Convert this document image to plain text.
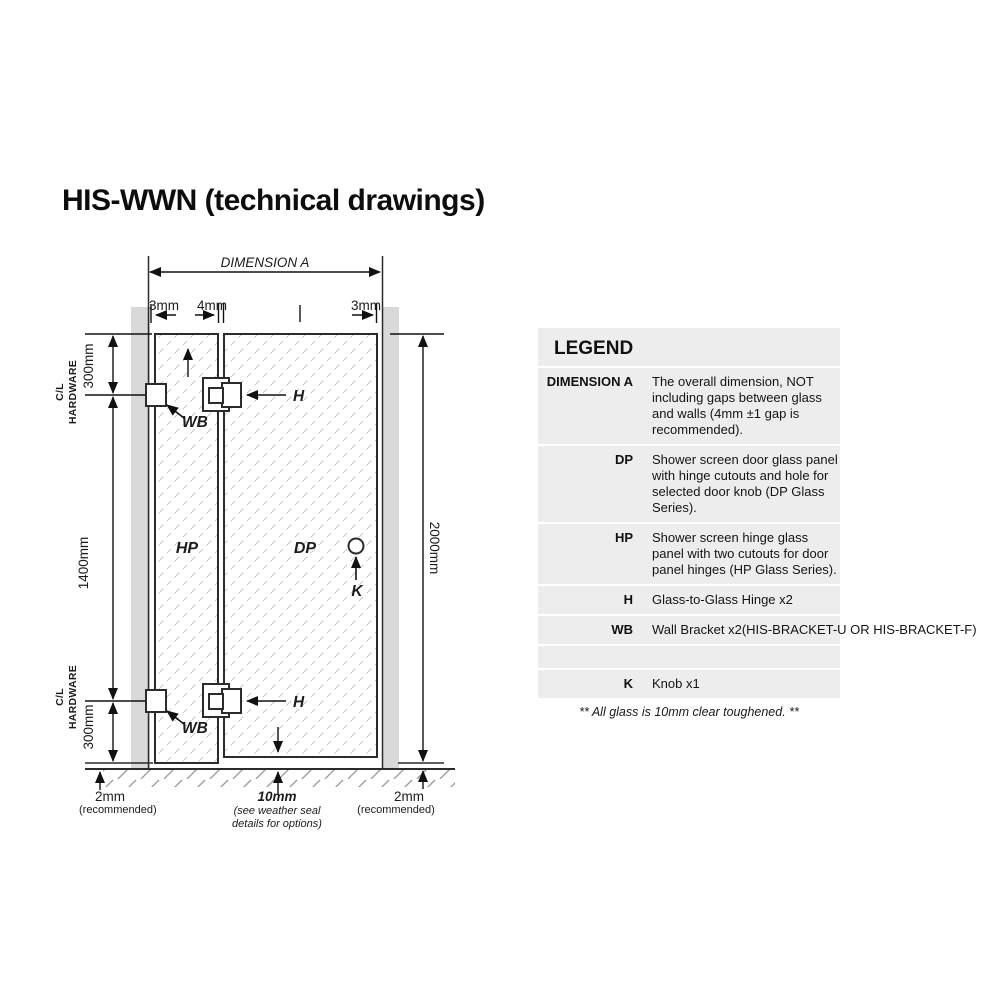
HIS-WWN (technical drawings)
DIMENSION A
3mm 4mm	3mm
300mm
C/L HARDWARE
1400mm
C/L HARDWARE 300mm
2000mm
WB
H
WB
H
HP	DP
K
10mm
(see weather seal
details for options)
2mm
(recommended)
2mm
(recommended)
LEGEND
DIMENSION A The overall dimension, NOT including gaps between glass and walls (4mm ±1 gap is recommended).
DP Shower screen door glass panel with hinge cutouts and hole for selected door knob (DP Glass Series).
HP Shower screen hinge glass panel with two cutouts for door panel hinges (HP Glass Series).
H Glass-to-Glass Hinge x2
WB Wall Bracket x2(HIS-BRACKET-U OR HIS-BRACKET-F)
K Knob x1
** All glass is 10mm clear toughened. **
